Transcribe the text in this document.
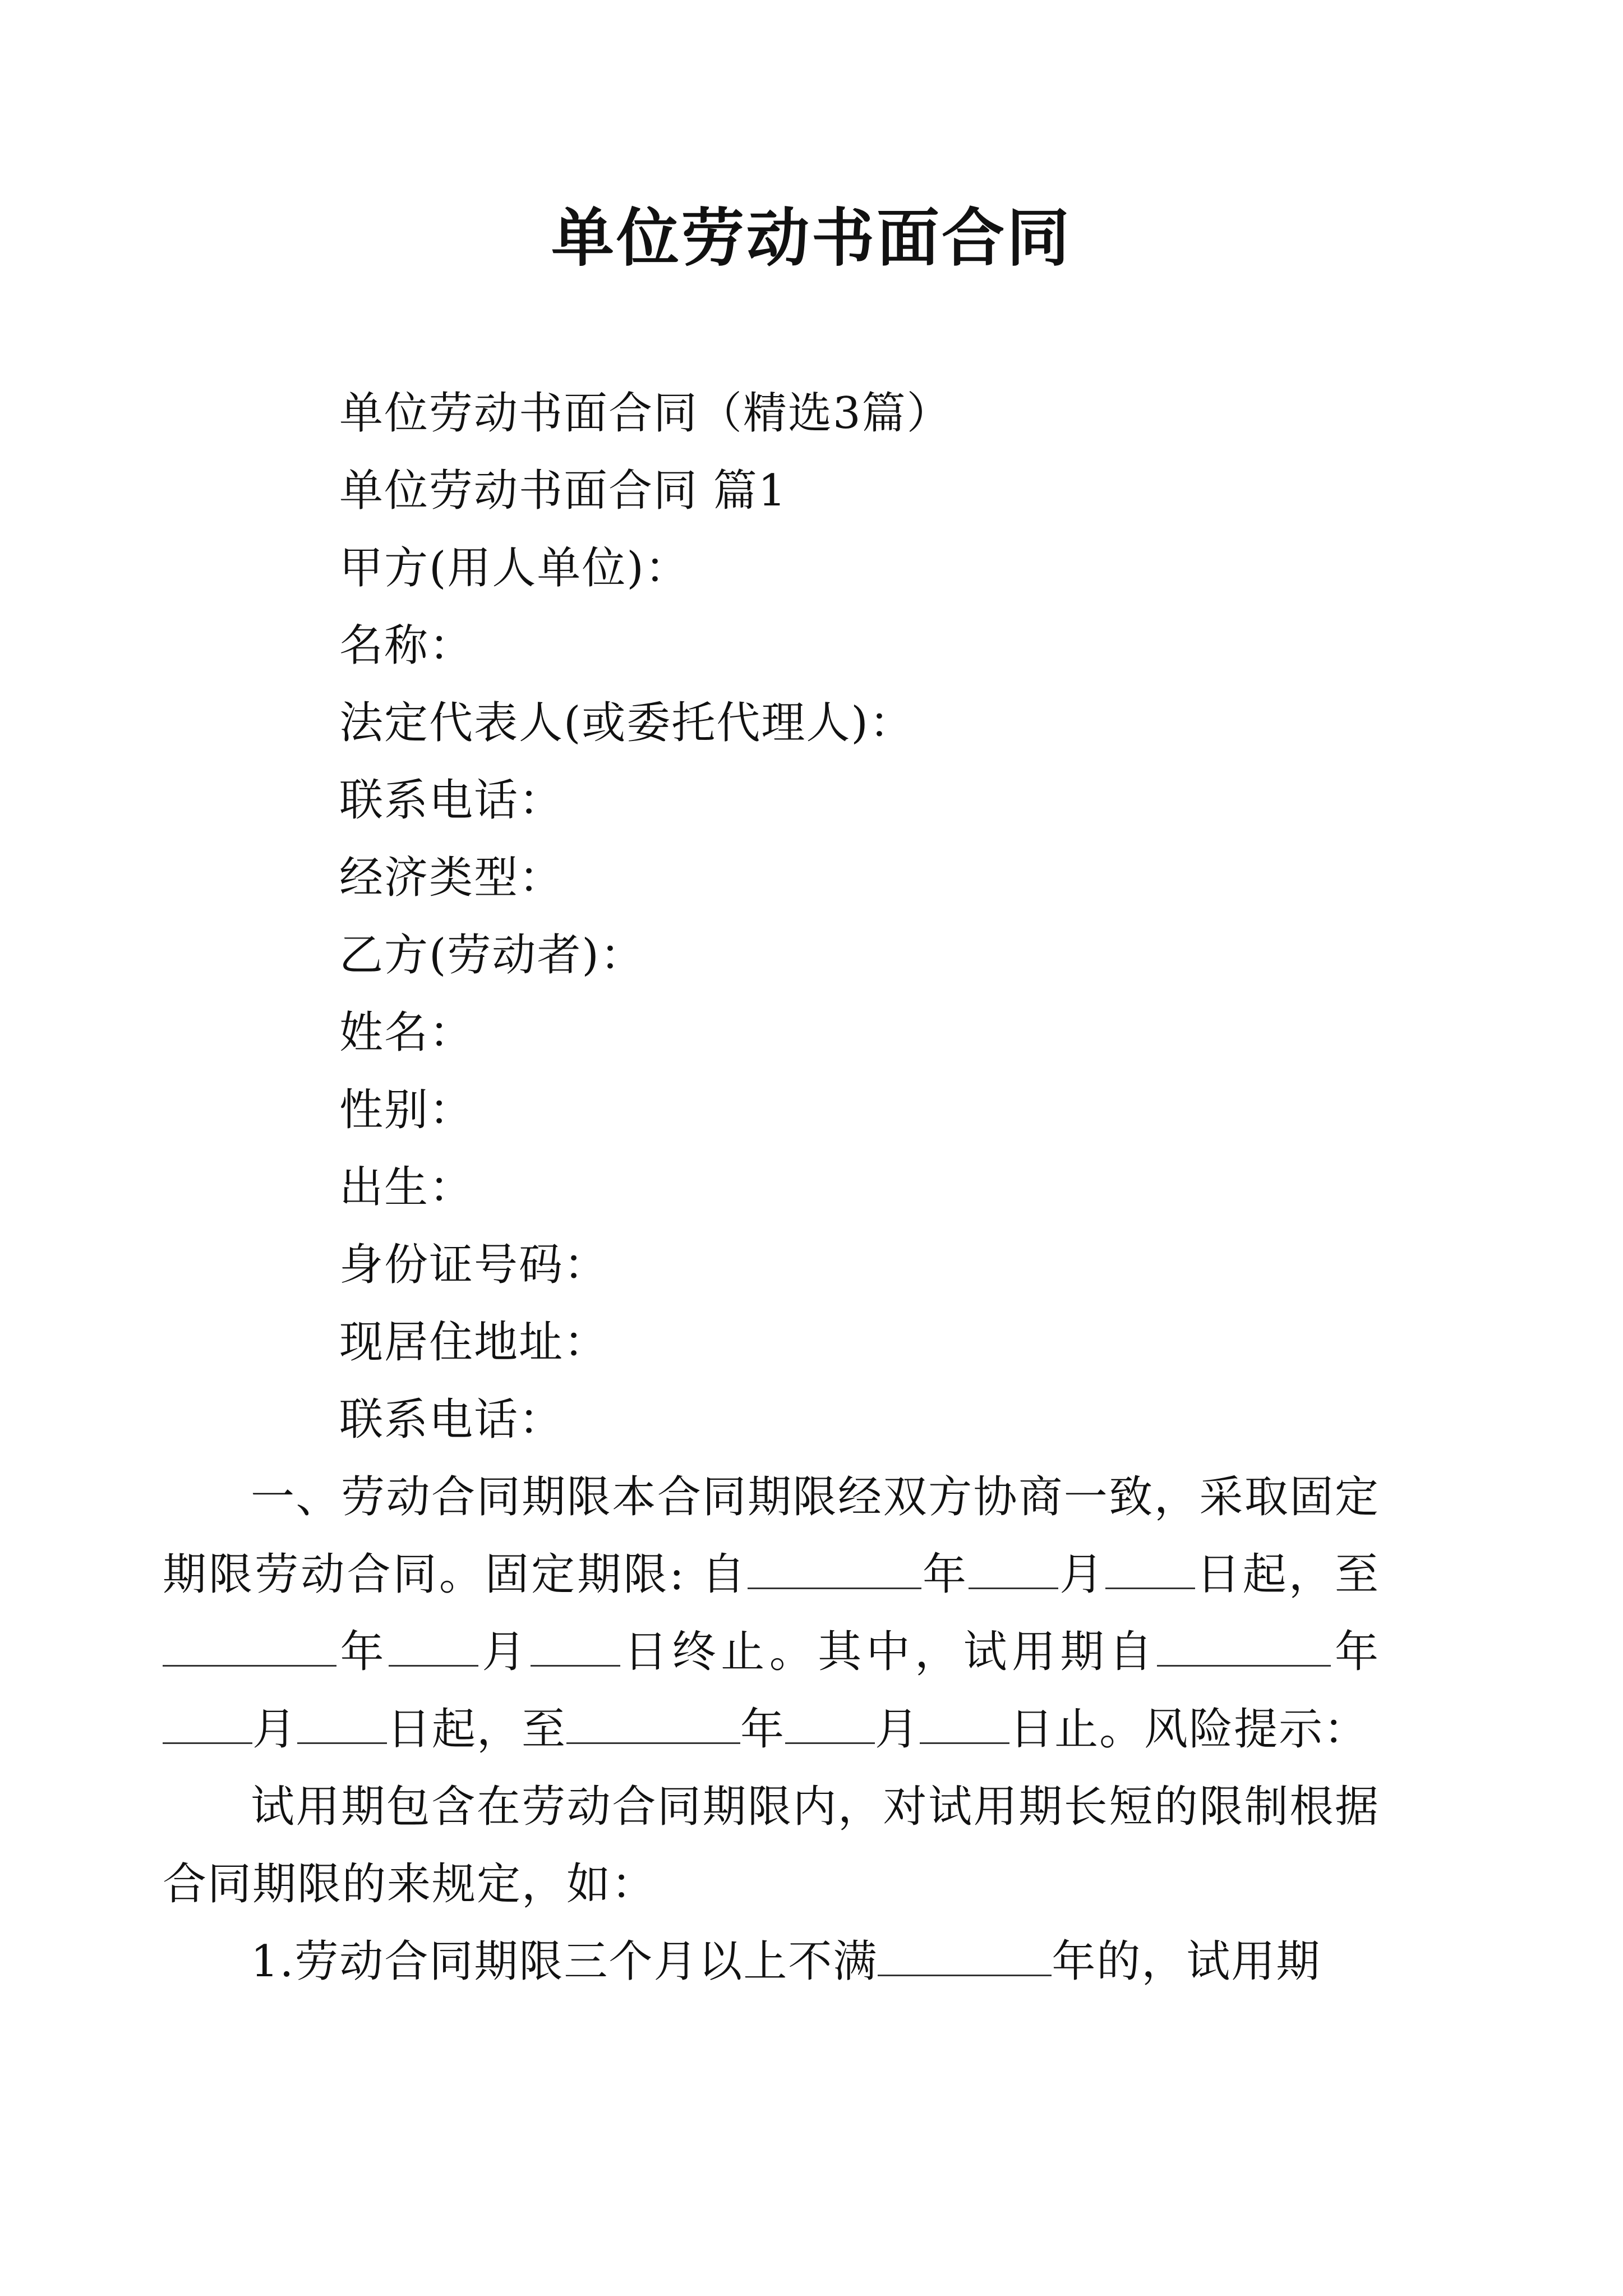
单位劳动书面合同
单位劳动书面合同（精选3篇）
单位劳动书面合同 篇1
甲方(用人单位)：
名称：
法定代表人(或委托代理人)：
联系电话：
经济类型：
乙方(劳动者)：
姓名：
性别：
出生：
身份证号码：
现居住地址：
联系电话：

一、劳动合同期限本合同期限经双方协商一致，采取固定期限劳动合同。固定期限: 自	年 月 日起，至年 月 日终止。其中，试用期自	年月 日起，至	年 月 日止。风险提示：

试用期包含在劳动合同期限内，对试用期长短的限制根据合同期限的来规定，如：

1.劳动合同期限三个月以上不满	年的，试用期
